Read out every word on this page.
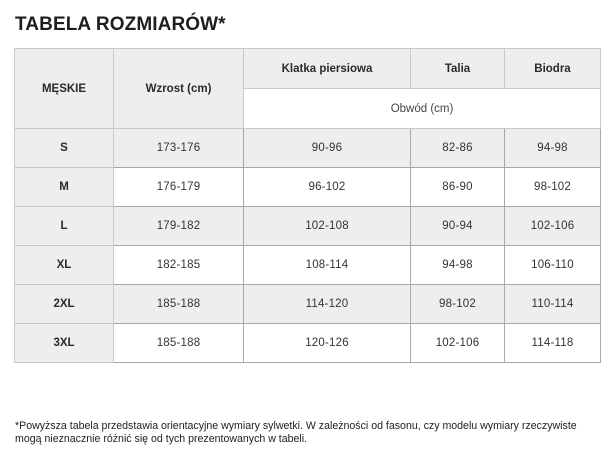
TABELA ROZMIARÓW*
MĘSKIE	Wzrost (cm)	Klatka piersiowa	Talia	Biodra
		Obwód (cm)		
S	173-176	90-96	82-86	94-98
M	176-179	96-102	86-90	98-102
L	179-182	102-108	90-94	102-106
XL	182-185	108-114	94-98	106-110
2XL	185-188	114-120	98-102	110-114
3XL	185-188	120-126	102-106	114-118

*Powyższa tabela przedstawia orientacyjne wymiary sylwetki. W zależności od fasonu, czy modelu wymiary rzeczywiste mogą nieznacznie różnić się od tych prezentowanych w tabeli.
